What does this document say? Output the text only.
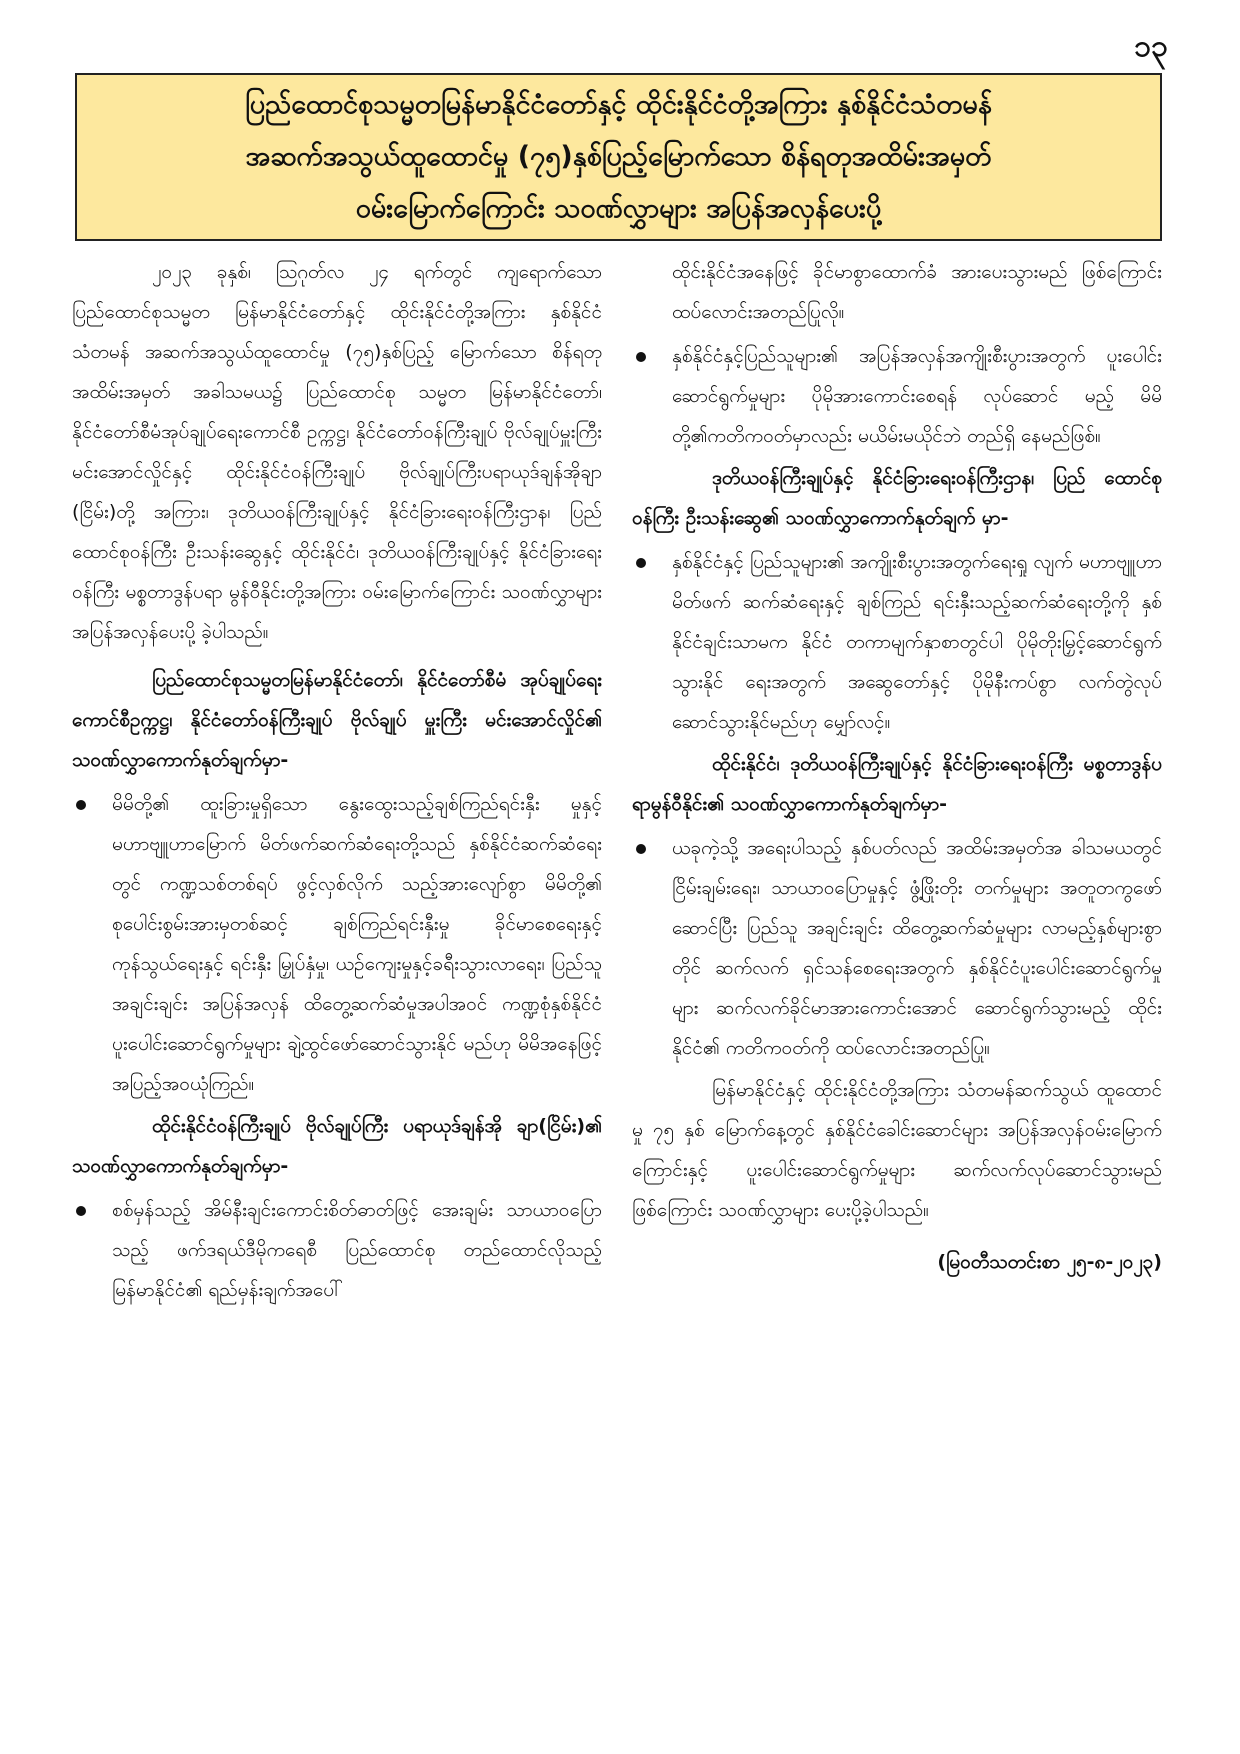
၁၃
ပြည်ထောင်စုသမ္မတမြန်မာနိုင်ငံတော်နှင့် ထိုင်းနိုင်ငံတို့အကြား နှစ်နိုင်ငံသံတမန်
အဆက်အသွယ်ထူထောင်မှု (၇၅)နှစ်ပြည့်မြောက်သော စိန်ရတုအထိမ်းအမှတ်
ဝမ်းမြောက်ကြောင်း သဝဏ်လွှာများ အပြန်အလှန်ပေးပို့

၂၀၂၃ ခုနှစ်၊ ဩဂုတ်လ ၂၄ ရက်တွင် ကျရောက်သော ပြည်ထောင်စုသမ္မတ မြန်မာနိုင်ငံတော်နှင့် ထိုင်းနိုင်ငံတို့အကြား နှစ်နိုင်ငံသံတမန် အဆက်အသွယ်ထူထောင်မှု (၇၅)နှစ်ပြည့် မြောက်သော စိန်ရတုအထိမ်းအမှတ် အခါသမယ၌ ပြည်ထောင်စု သမ္မတ မြန်မာနိုင်ငံတော်၊ နိုင်ငံတော်စီမံအုပ်ချုပ်ရေးကောင်စီ ဥက္ကဋ္ဌ၊ နိုင်ငံတော်ဝန်ကြီးချုပ် ဗိုလ်ချုပ်မှူးကြီးမင်းအောင်လှိုင်နှင့် ထိုင်းနိုင်ငံဝန်ကြီးချုပ် ဗိုလ်ချုပ်ကြီးပရာယုဒ်ချန်အိုချာ (ငြိမ်း)တို့ အကြား၊ ဒုတိယဝန်ကြီးချုပ်နှင့် နိုင်ငံခြားရေးဝန်ကြီးဌာန၊ ပြည် ထောင်စုဝန်ကြီး ဦးသန်းဆွေနှင့် ထိုင်းနိုင်ငံ၊ ဒုတိယဝန်ကြီးချုပ်နှင့် နိုင်ငံခြားရေးဝန်ကြီး မစ္စတာဒွန်ပရာ မွန်ဝီနိုင်းတို့အကြား ဝမ်းမြောက်ကြောင်း သဝဏ်လွှာများ အပြန်အလှန်ပေးပို့ ခဲ့ပါသည်။

ပြည်ထောင်စုသမ္မတမြန်မာနိုင်ငံတော်၊ နိုင်ငံတော်စီမံ အုပ်ချုပ်ရေးကောင်စီဥက္ကဋ္ဌ၊ နိုင်ငံတော်ဝန်ကြီးချုပ် ဗိုလ်ချုပ် မှူးကြီး မင်းအောင်လှိုင်၏ သဝဏ်လွှာကောက်နုတ်ချက်မှာ-

မိမိတို့၏ ထူးခြားမှုရှိသော နွေးထွေးသည့်ချစ်ကြည်ရင်းနှီး မှုနှင့် မဟာဗျူဟာမြောက် မိတ်ဖက်ဆက်ဆံရေးတို့သည် နှစ်နိုင်ငံဆက်ဆံရေးတွင် ကဏ္ဍသစ်တစ်ရပ် ဖွင့်လှစ်လိုက် သည့်အားလျော်စွာ မိမိတို့၏ စုပေါင်းစွမ်းအားမှတစ်ဆင့် ချစ်ကြည်ရင်းနှီးမှု ခိုင်မာစေရေးနှင့်ကုန်သွယ်ရေးနှင့် ရင်းနှီး မြှုပ်နှံမှု၊ ယဉ်ကျေးမှုနှင့်ခရီးသွားလာရေး၊ ပြည်သူအချင်းချင်း အပြန်အလှန် ထိတွေ့ဆက်ဆံမှုအပါအဝင် ကဏ္ဍစုံနှစ်နိုင်ငံ ပူးပေါင်းဆောင်ရွက်မှုများ ချဲ့ထွင်ဖော်ဆောင်သွားနိုင် မည်ဟု မိမိအနေဖြင့် အပြည့်အဝယုံကြည်။

ထိုင်းနိုင်ငံဝန်ကြီးချုပ် ဗိုလ်ချုပ်ကြီး ပရာယုဒ်ချန်အို ချာ(ငြိမ်း)၏ သဝဏ်လွှာကောက်နုတ်ချက်မှာ-

စစ်မှန်သည့် အိမ်နီးချင်းကောင်းစိတ်ဓာတ်ဖြင့် အေးချမ်း သာယာဝပြောသည့် ဖက်ဒရယ်ဒီမိုကရေစီ ပြည်ထောင်စု တည်ထောင်လိုသည့် မြန်မာနိုင်ငံ၏ ရည်မှန်းချက်အပေါ်

ထိုင်းနိုင်ငံအနေဖြင့် ခိုင်မာစွာထောက်ခံ အားပေးသွားမည် ဖြစ်ကြောင်း ထပ်လောင်းအတည်ပြုလို။

နှစ်နိုင်ငံနှင့်ပြည်သူများ၏ အပြန်အလှန်အကျိုးစီးပွားအတွက် ပူးပေါင်းဆောင်ရွက်မှုများ ပိုမိုအားကောင်းစေရန် လုပ်ဆောင် မည့် မိမိတို့၏ကတိကဝတ်မှာလည်း မယိမ်းမယိုင်ဘဲ တည်ရှိ နေမည်ဖြစ်။

ဒုတိယဝန်ကြီးချုပ်နှင့် နိုင်ငံခြားရေးဝန်ကြီးဌာန၊ ပြည် ထောင်စုဝန်ကြီး ဦးသန်းဆွေ၏ သဝဏ်လွှာကောက်နုတ်ချက် မှာ-

နှစ်နိုင်ငံနှင့် ပြည်သူများ၏ အကျိုးစီးပွားအတွက်ရေးရှု လျက် မဟာဗျူဟာမိတ်ဖက် ဆက်ဆံရေးနှင့် ချစ်ကြည် ရင်းနှီးသည့်ဆက်ဆံရေးတို့ကို နှစ်နိုင်ငံချင်းသာမက နိုင်ငံ တကာမျက်နှာစာတွင်ပါ ပိုမိုတိုးမြှင့်ဆောင်ရွက်သွားနိုင် ရေးအတွက် အဆွေတော်နှင့် ပိုမိုနီးကပ်စွာ လက်တွဲလုပ် ဆောင်သွားနိုင်မည်ဟု မျှော်လင့်။

ထိုင်းနိုင်ငံ၊ ဒုတိယဝန်ကြီးချုပ်နှင့် နိုင်ငံခြားရေးဝန်ကြီး မစ္စတာဒွန်ပရာမွန်ဝီနိုင်း၏ သဝဏ်လွှာကောက်နုတ်ချက်မှာ-

ယခုကဲ့သို့ အရေးပါသည့် နှစ်ပတ်လည် အထိမ်းအမှတ်အ ခါသမယတွင် ငြိမ်းချမ်းရေး၊ သာယာဝပြောမှုနှင့် ဖွံ့ဖြိုးတိုး တက်မှုများ အတူတကွဖော်ဆောင်ပြီး ပြည်သူ အချင်းချင်း ထိတွေ့ဆက်ဆံမှုများ လာမည့်နှစ်များစွာတိုင် ဆက်လက် ရှင်သန်စေရေးအတွက် နှစ်နိုင်ငံပူးပေါင်းဆောင်ရွက်မှုများ ဆက်လက်ခိုင်မာအားကောင်းအောင် ဆောင်ရွက်သွားမည့် ထိုင်းနိုင်ငံ၏ ကတိကဝတ်ကို ထပ်လောင်းအတည်ပြု။

မြန်မာနိုင်ငံနှင့် ထိုင်းနိုင်ငံတို့အကြား သံတမန်ဆက်သွယ် ထူထောင်မှု ၇၅ နှစ် မြောက်နေ့တွင် နှစ်နိုင်ငံခေါင်းဆောင်များ အပြန်အလှန်ဝမ်းမြောက်ကြောင်းနှင့် ပူးပေါင်းဆောင်ရွက်မှုများ ဆက်လက်လုပ်ဆောင်သွားမည်ဖြစ်ကြောင်း သဝဏ်လွှာများ ပေးပို့ခဲ့ပါသည်။

(မြဝတီသတင်းစာ ၂၅-၈-၂၀၂၃)
